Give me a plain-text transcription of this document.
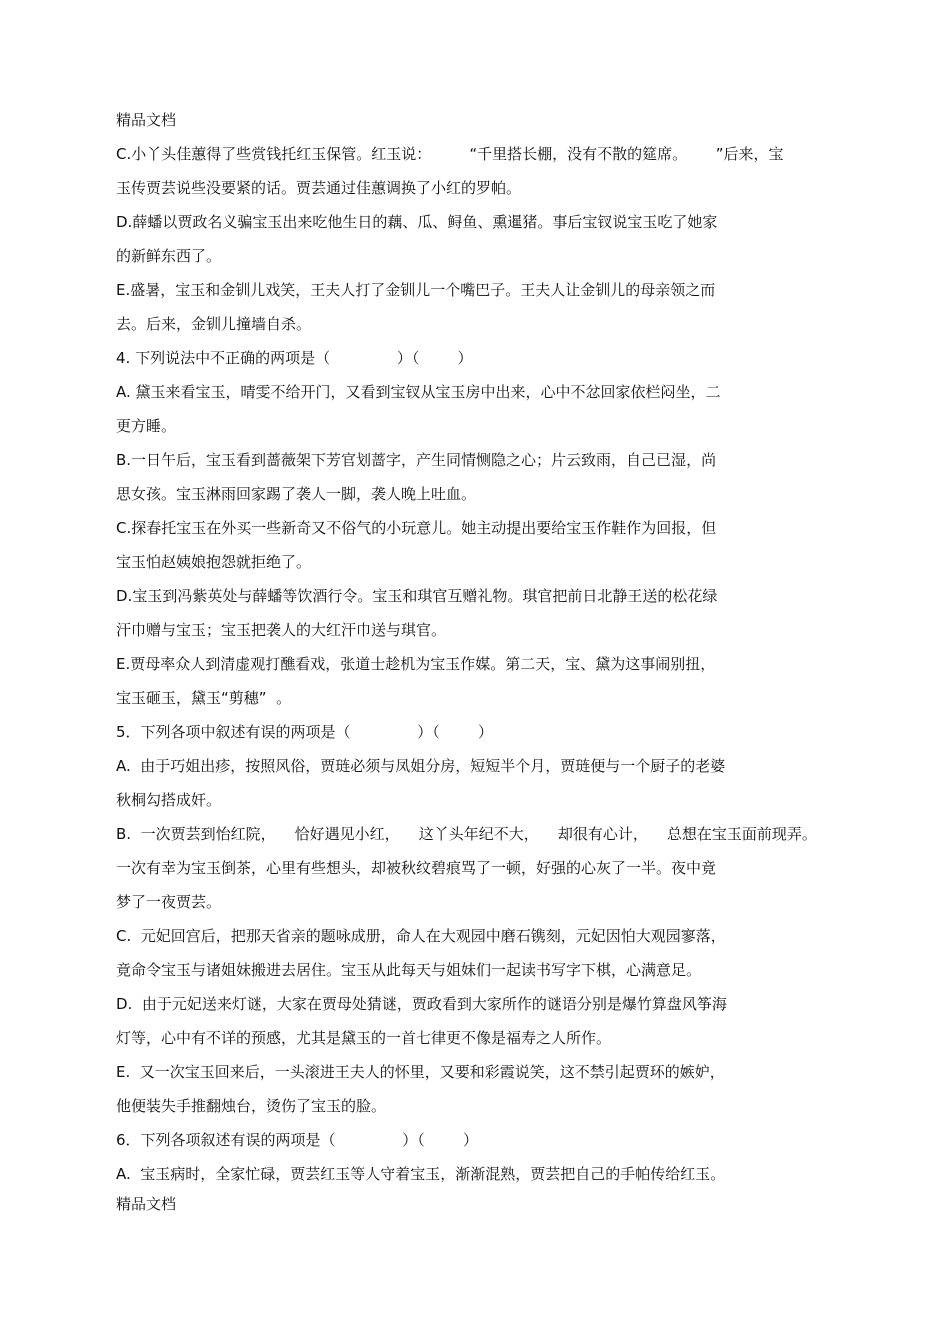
精品文档
C.小丫头佳蕙得了些赏钱托红玉保管。红玉说：        “千里搭长棚，没有不散的筵席。      ”后来，宝
玉传贾芸说些没要紧的话。贾芸通过佳蕙调换了小红的罗帕。
D.薛蟠以贾政名义骗宝玉出来吃他生日的藕、瓜、鲟鱼、熏暹猪。事后宝钗说宝玉吃了她家
的新鲜东西了。
E.盛暑，宝玉和金钏儿戏笑，王夫人打了金钏儿一个嘴巴子。王夫人让金钏儿的母亲领之而
去。后来，金钏儿撞墙自杀。
4. 下列说法中不正确的两项是（              ）（        ）
A. 黛玉来看宝玉，晴雯不给开门，又看到宝钗从宝玉房中出来，心中不忿回家依栏闷坐，二
更方睡。
B.一日午后，宝玉看到蔷薇架下芳官划蔷字，产生同情恻隐之心；片云致雨，自己已湿，尚
思女孩。宝玉淋雨回家踢了袭人一脚，袭人晚上吐血。
C.探春托宝玉在外买一些新奇又不俗气的小玩意儿。她主动提出要给宝玉作鞋作为回报，但
宝玉怕赵姨娘抱怨就拒绝了。
D.宝玉到冯紫英处与薛蟠等饮酒行令。宝玉和琪官互赠礼物。琪官把前日北静王送的松花绿
汗巾赠与宝玉；宝玉把袭人的大红汗巾送与琪官。
E.贾母率众人到清虚观打醮看戏，张道士趁机为宝玉作媒。第二天，宝、黛为这事闹别扭，
宝玉砸玉，黛玉“剪穗”  。
5．下列各项中叙述有误的两项是（              ）（        ）
A.  由于巧姐出疹，按照风俗，贾琏必须与凤姐分房，短短半个月，贾琏便与一个厨子的老婆
秋桐勾搭成奸。
B.  一次贾芸到怡红院，    恰好遇见小红，    这丫头年纪不大，    却很有心计，    总想在宝玉面前现弄。
一次有幸为宝玉倒茶，心里有些想头，却被秋纹碧痕骂了一顿，好强的心灰了一半。夜中竟
梦了一夜贾芸。
C.  元妃回宫后，把那天省亲的题咏成册，命人在大观园中磨石镌刻，元妃因怕大观园寥落，
竟命令宝玉与诸姐妹搬进去居住。宝玉从此每天与姐妹们一起读书写字下棋，心满意足。
D.  由于元妃送来灯谜，大家在贾母处猜谜，贾政看到大家所作的谜语分别是爆竹算盘风筝海
灯等，心中有不详的预感，尤其是黛玉的一首七律更不像是福寿之人所作。
E.  又一次宝玉回来后，一头滚进王夫人的怀里，又要和彩霞说笑，这不禁引起贾环的嫉妒，
他便装失手推翻烛台，烫伤了宝玉的脸。
6．下列各项叙述有误的两项是（              ）（        ）
A.  宝玉病时，全家忙碌，贾芸红玉等人守着宝玉，渐渐混熟，贾芸把自己的手帕传给红玉。
精品文档
